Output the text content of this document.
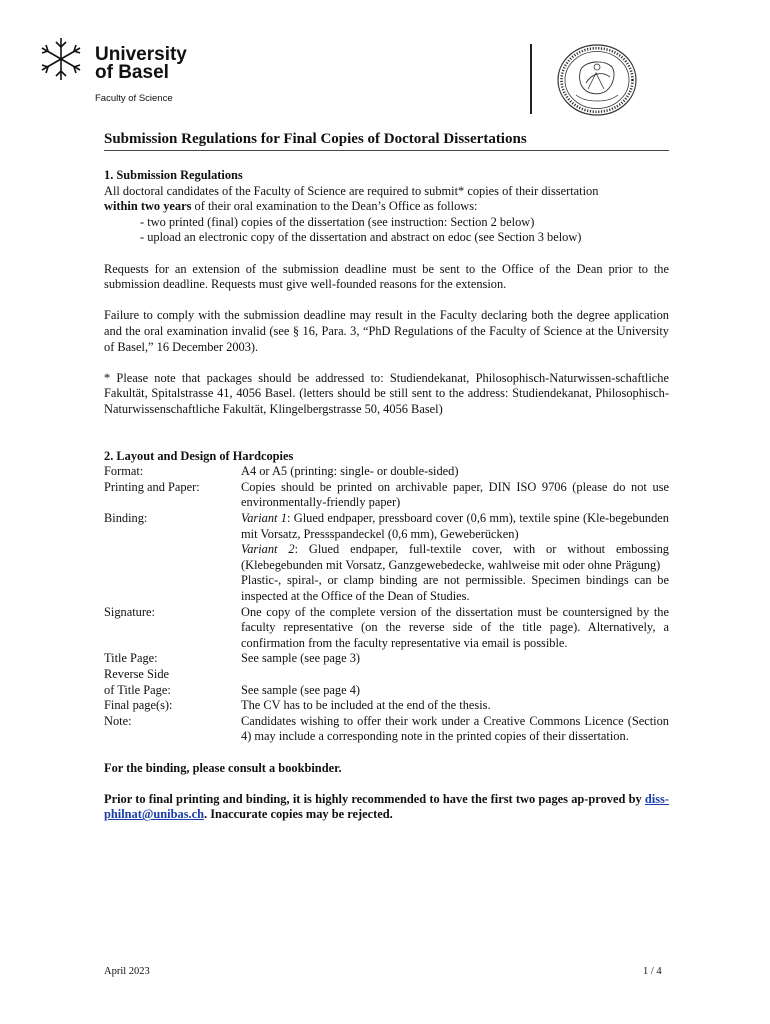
University
of Basel
Faculty of Science
Submission Regulations for Final Copies of Doctoral Dissertations

1. Submission Regulations

All doctoral candidates of the Faculty of Science are required to submit* copies of their dissertation
within two years of their oral examination to the Dean’s Office as follows:

- two printed (final) copies of the dissertation (see instruction: Section 2 below)
- upload an electronic copy of the dissertation and abstract on edoc (see Section 3 below)

Requests for an extension of the submission deadline must be sent to the Office of the Dean prior to the submission deadline. Requests must give well-founded reasons for the extension.

Failure to comply with the submission deadline may result in the Faculty declaring both the degree application and the oral examination invalid (see § 16, Para. 3, “PhD Regulations of the Faculty of Science at the University of Basel,” 16 December 2003).

* Please note that packages should be addressed to: Studiendekanat, Philosophisch-Naturwissen-schaftliche Fakultät, Spitalstrasse 41, 4056 Basel. (letters should be still sent to the address: Studiendekanat, Philosophisch-Naturwissenschaftliche Fakultät, Klingelbergstrasse 50, 4056 Basel)

2. Layout and Design of Hardcopies

Format:	A4 or A5 (printing: single- or double-sided)
Printing and Paper:	Copies should be printed on archivable paper, DIN ISO 9706 (please do not use environmentally-friendly paper)
Binding:	Variant 1: Glued endpaper, pressboard cover (0,6 mm), textile spine (Kle-begebunden mit Vorsatz, Pressspandeckel (0,6 mm), Geweberücken)
Variant 2: Glued endpaper, full-textile cover, with or without embossing (Klebegebunden mit Vorsatz, Ganzgewebedecke, wahlweise mit oder ohne Prägung)
Plastic-, spiral-, or clamp binding are not permissible. Specimen bindings can be inspected at the Office of the Dean of Studies.

Signature:	One copy of the complete version of the dissertation must be countersigned by the faculty representative (on the reverse side of the title page). Alternatively, a confirmation from the faculty representative via email is possible.
Title Page:	See sample (see page 3)

Reverse Side
of Title Page:	See sample (see page 4)

Final page(s):	The CV has to be included at the end of the thesis.
Note:	Candidates wishing to offer their work under a Creative Commons Licence (Section 4) may include a corresponding note in the printed copies of their dissertation.

For the binding, please consult a bookbinder.

Prior to final printing and binding, it is highly recommended to have the first two pages ap-proved by diss-philnat@unibas.ch. Inaccurate copies may be rejected.

April 2023	1 / 4
